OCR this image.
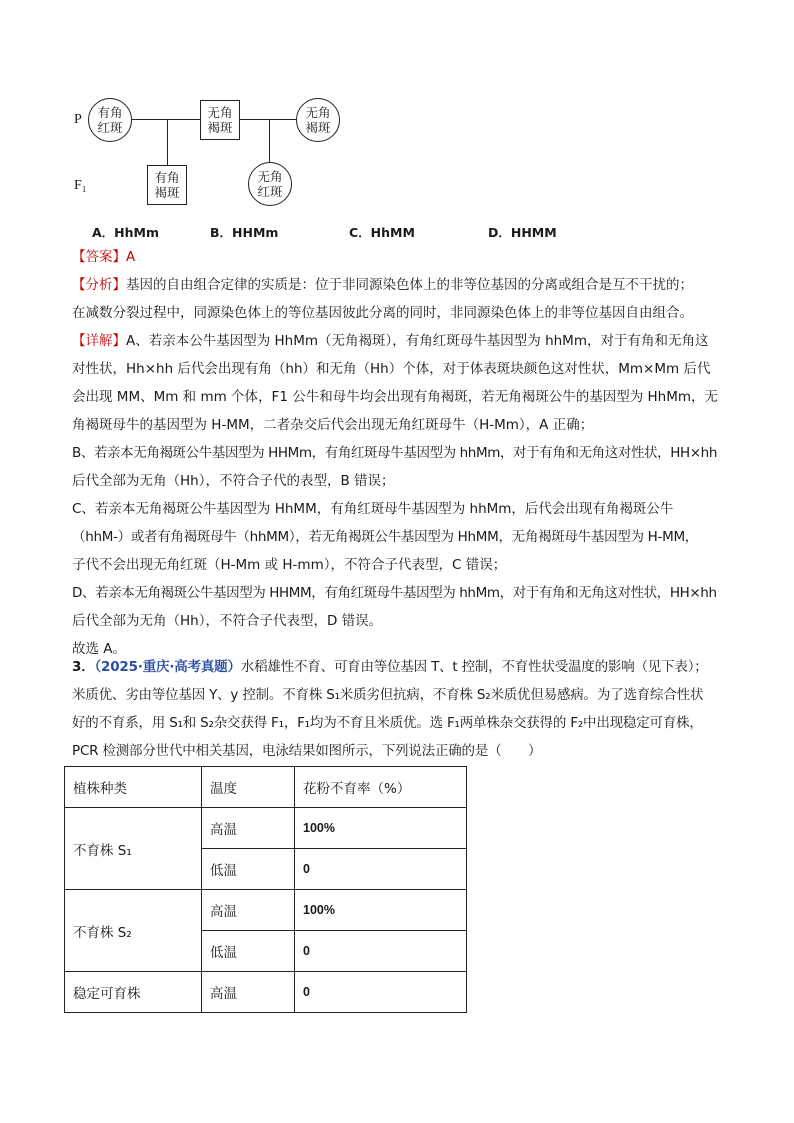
P
F₁
有角
红斑
无角
褐斑
无角
褐斑
有角
褐斑
无角
红斑
A．HhMm	B．HHMm	C．HhMM	D．HHMM

【答案】A

【分析】基因的自由组合定律的实质是：位于非同源染色体上的非等位基因的分离或组合是互不干扰的；

在减数分裂过程中，同源染色体上的等位基因彼此分离的同时，非同源染色体上的非等位基因自由组合。

【详解】A、若亲本公牛基因型为 HhMm（无角褐斑），有角红斑母牛基因型为 hhMm，对于有角和无角这

对性状，Hh×hh 后代会出现有角（hh）和无角（Hh）个体，对于体表斑块颜色这对性状，Mm×Mm 后代

会出现 MM、Mm 和 mm 个体，F1 公牛和母牛均会出现有角褐斑，若无角褐斑公牛的基因型为 HhMm，无

角褐斑母牛的基因型为 H-MM，二者杂交后代会出现无角红斑母牛（H-Mm），A 正确；

B、若亲本无角褐斑公牛基因型为 HHMm，有角红斑母牛基因型为 hhMm，对于有角和无角这对性状，HH×hh

后代全部为无角（Hh），不符合子代的表型，B 错误；

C、若亲本无角褐斑公牛基因型为 HhMM，有角红斑母牛基因型为 hhMm，后代会出现有角褐斑公牛

（hhM-）或者有角褐斑母牛（hhMM），若无角褐斑公牛基因型为 HhMM，无角褐斑母牛基因型为 H-MM，

子代不会出现无角红斑（H-Mm 或 H-mm），不符合子代表型，C 错误；

D、若亲本无角褐斑公牛基因型为 HHMM，有角红斑母牛基因型为 hhMm，对于有角和无角这对性状，HH×hh

后代全部为无角（Hh），不符合子代表型，D 错误。

故选 A。

3．（2025·重庆·高考真题）水稻雄性不育、可育由等位基因 T、t 控制，不育性状受温度的影响（见下表）；

米质优、劣由等位基因 Y、y 控制。不育株 S₁米质劣但抗病，不育株 S₂米质优但易感病。为了选育综合性状

好的不育系，用 S₁和 S₂杂交获得 F₁，F₁均为不育且米质优。选 F₁两单株杂交获得的 F₂中出现稳定可育株，

PCR 检测部分世代中相关基因，电泳结果如图所示，下列说法正确的是（　　）

植株种类	温度	花粉不育率（%）
不育株 S₁	高温	100%
	低温	0
不育株 S₂	高温	100%
	低温	0
稳定可育株	高温	0
